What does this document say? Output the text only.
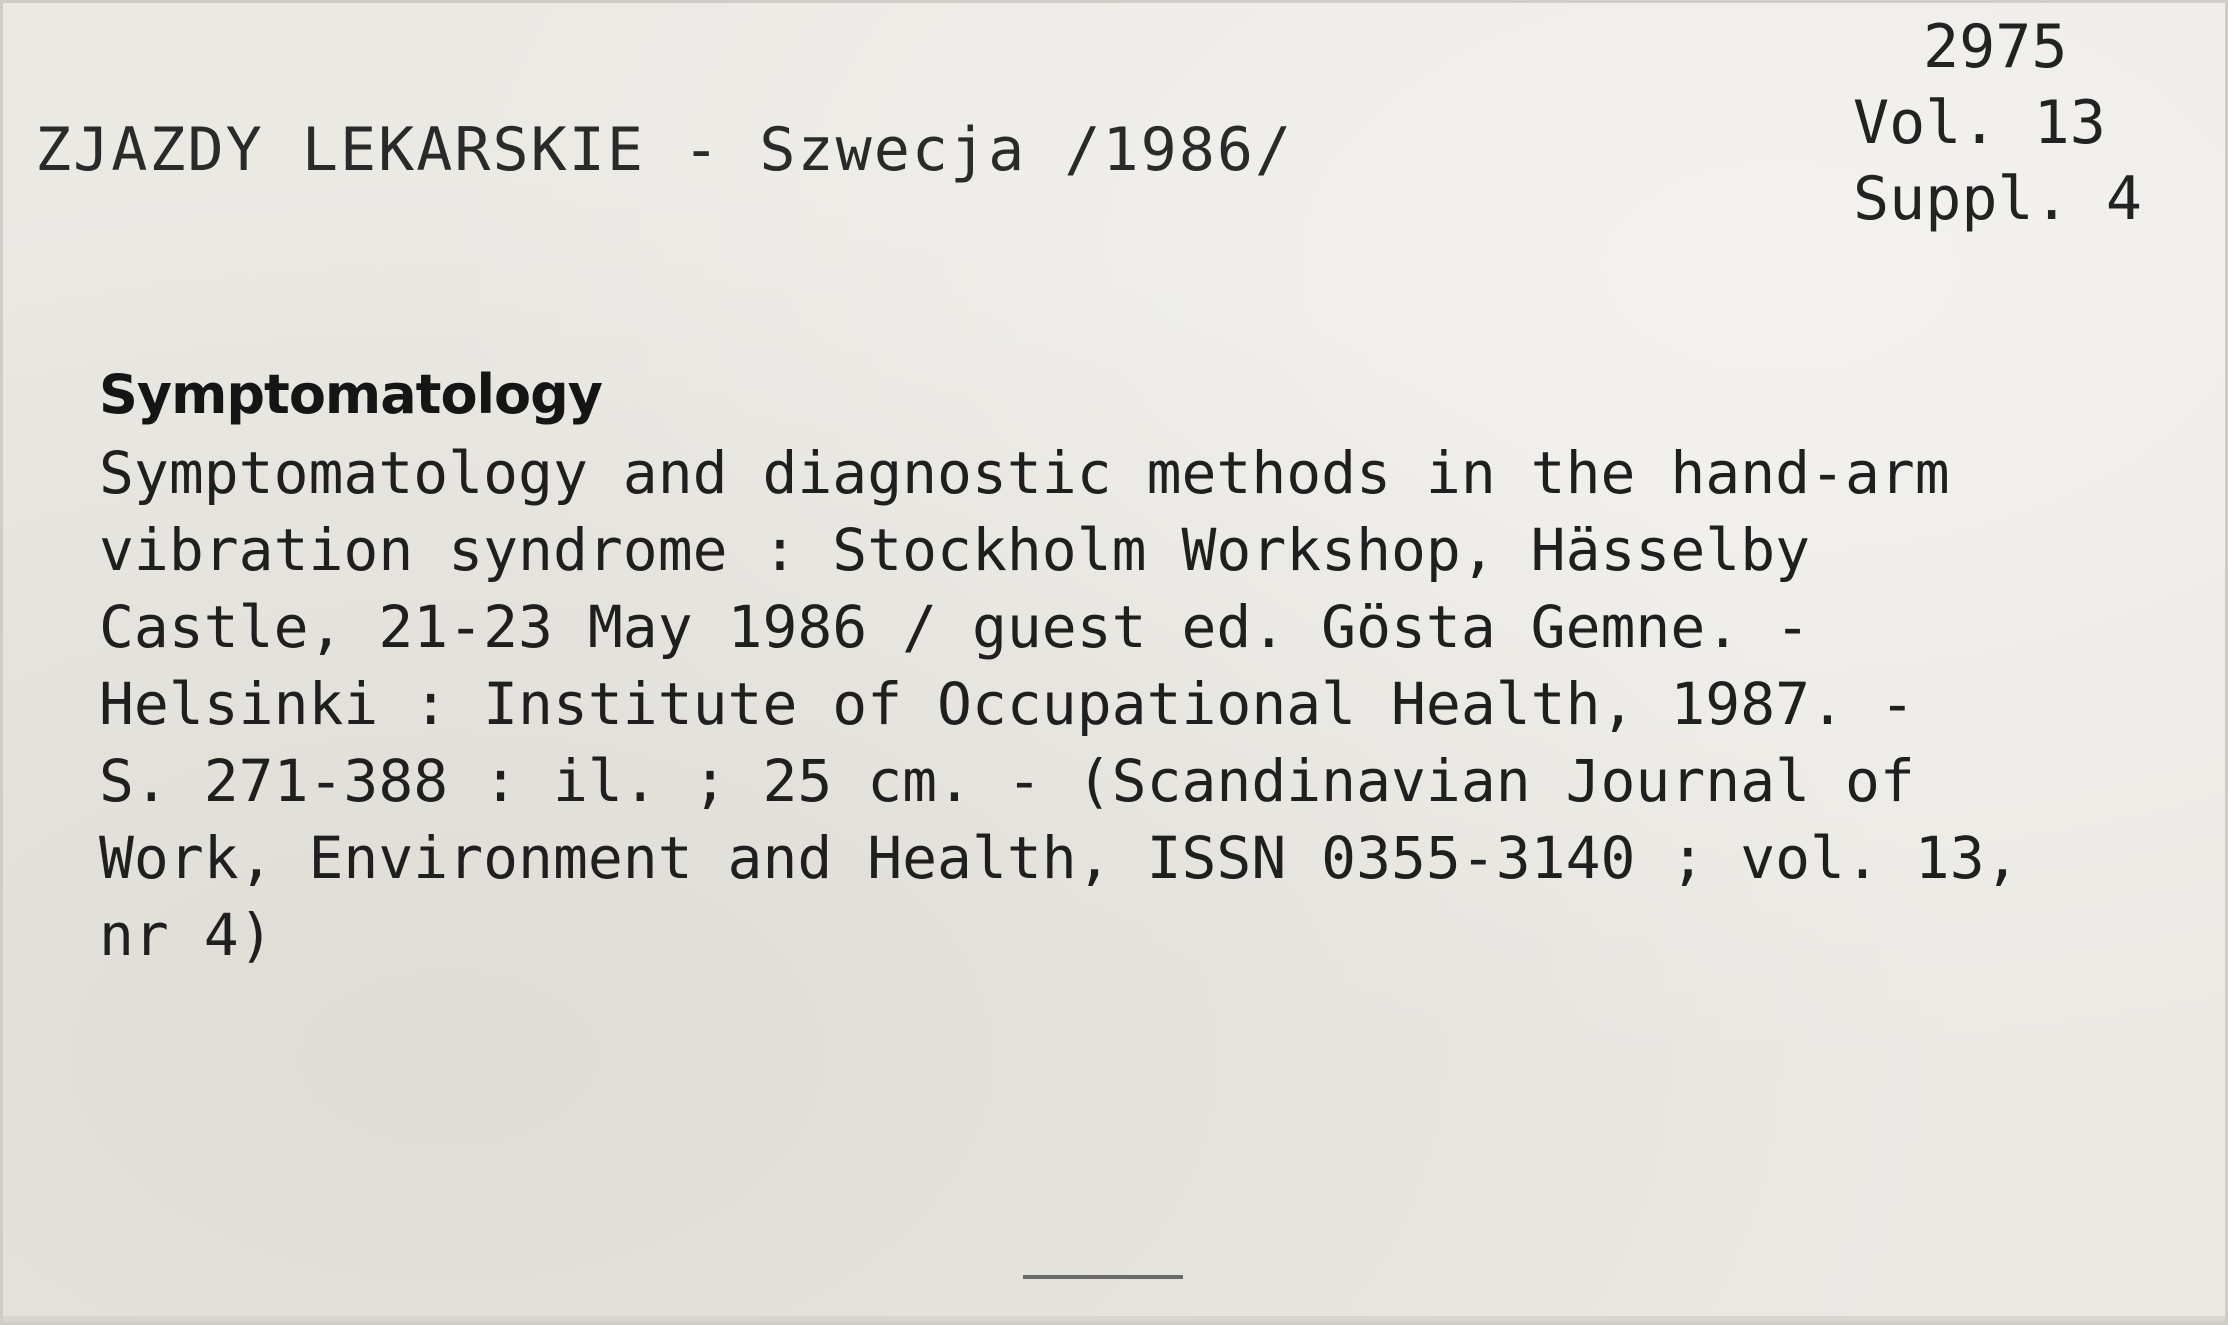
ZJAZDY LEKARSKIE - Szwecja /1986/
2975
Vol. 13
Suppl. 4
Symptomatology
Symptomatology and diagnostic methods in the hand-arm
vibration syndrome : Stockholm Workshop, Hässelby
Castle, 21-23 May 1986 / guest ed. Gösta Gemne. -
Helsinki : Institute of Occupational Health, 1987. -
S. 271-388 : il. ; 25 cm. - (Scandinavian Journal of
Work, Environment and Health, ISSN 0355-3140 ; vol. 13,
nr 4)
